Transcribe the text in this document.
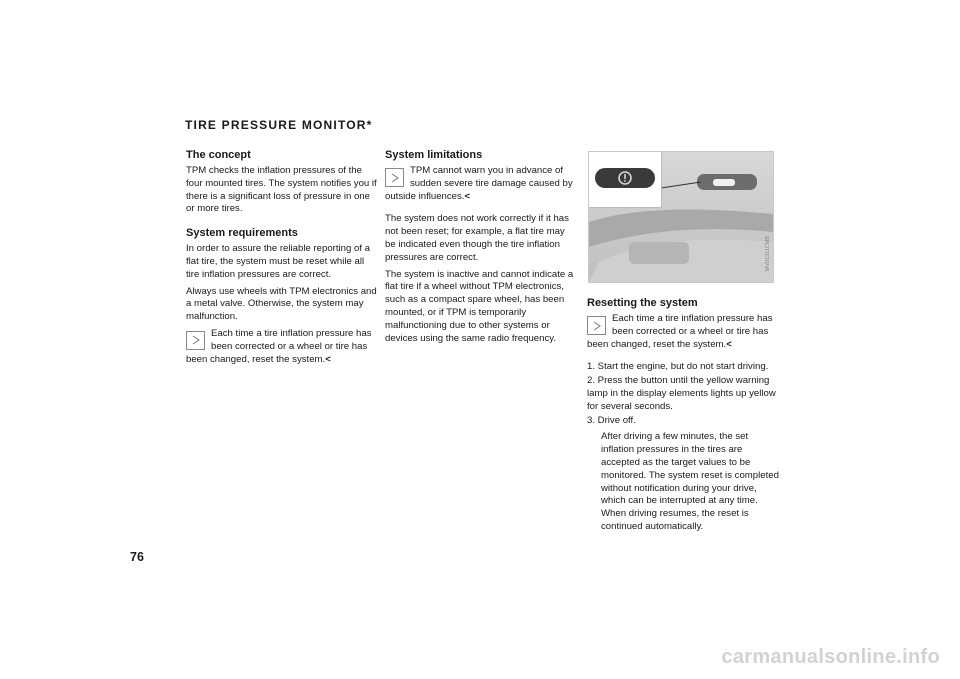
TIRE PRESSURE MONITOR*
The concept

TPM checks the inflation pressures of the four mounted tires. The system notifies you if there is a significant loss of pressure in one or more tires.

System requirements

In order to assure the reliable reporting of a flat tire, the system must be reset while all tire inflation pressures are correct.

Always use wheels with TPM electronics and a metal valve. Otherwise, the system may malfunction.

Each time a tire inflation pressure has been corrected or a wheel or tire has been changed, reset the system.<
System limitations
TPM cannot warn you in advance of sudden severe tire damage caused by outside influences.<

The system does not work correctly if it has not been reset; for example, a flat tire may be indicated even though the tire inflation pressures are correct.

The system is inactive and cannot indicate a flat tire if a wheel without TPM electronics, such as a compact spare wheel, has been mounted, or if TPM is temporarily malfunctioning due to other systems or devices using the same radio frequency.

MV01311CMB
Resetting the system
Each time a tire inflation pressure has been corrected or a wheel or tire has been changed, reset the system.<
1. Start the engine, but do not start driving.
2. Press the button until the yellow warning lamp in the display elements lights up yellow for several seconds.
3. Drive off.

After driving a few minutes, the set inflation pressures in the tires are accepted as the target values to be monitored. The system reset is completed without notification during your drive, which can be interrupted at any time. When driving resumes, the reset is continued automatically.

76
carmanualsonline.info
